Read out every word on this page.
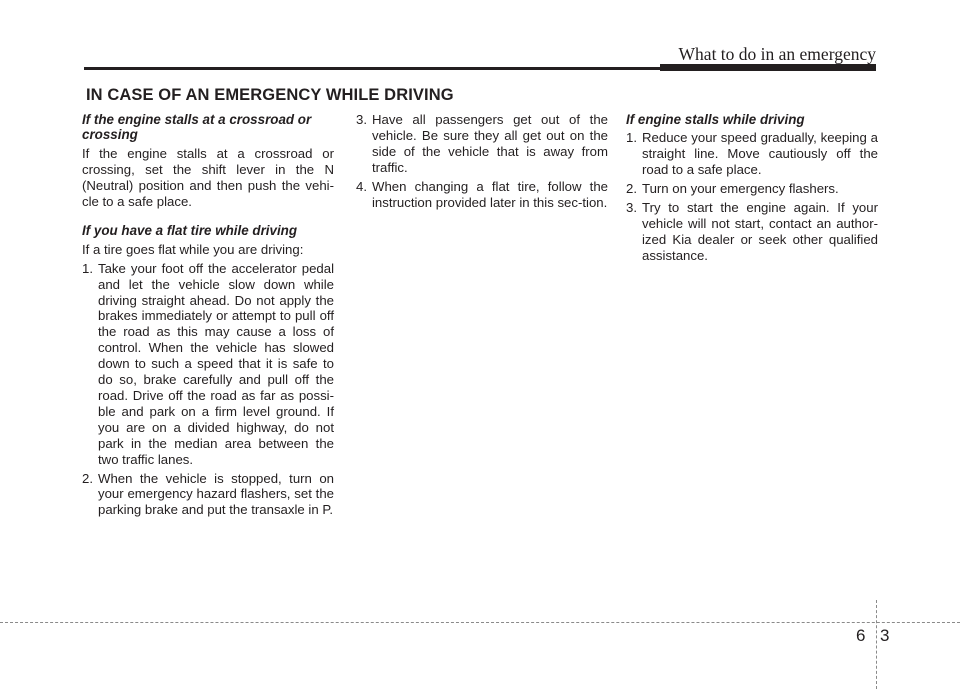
What to do in an emergency
IN CASE OF AN EMERGENCY WHILE DRIVING

If the engine stalls at a crossroad or crossing

If the engine stalls at a crossroad or crossing, set the shift lever in the N (Neutral) position and then push the vehi-cle to a safe place.

If you have a flat tire while driving

If a tire goes flat while you are driving:

1. Take your foot off the accelerator pedal and let the vehicle slow down while driving straight ahead. Do not apply the brakes immediately or attempt to pull off the road as this may cause a loss of control. When the vehicle has slowed down to such a speed that it is safe to do so, brake carefully and pull off the road. Drive off the road as far as possi-ble and park on a firm level ground. If you are on a divided highway, do not park in the median area between the two traffic lanes.
2. When the vehicle is stopped, turn on your emergency hazard flashers, set the parking brake and put the transaxle in P.
3. Have all passengers get out of the vehicle. Be sure they all get out on the side of the vehicle that is away from traffic.
4. When changing a flat tire, follow the instruction provided later in this sec-tion.

If engine stalls while driving

1. Reduce your speed gradually, keeping a straight line. Move cautiously off the road to a safe place.
2. Turn on your emergency flashers.
3. Try to start the engine again. If your vehicle will not start, contact an author-ized Kia dealer or seek other qualified assistance.
6 3
